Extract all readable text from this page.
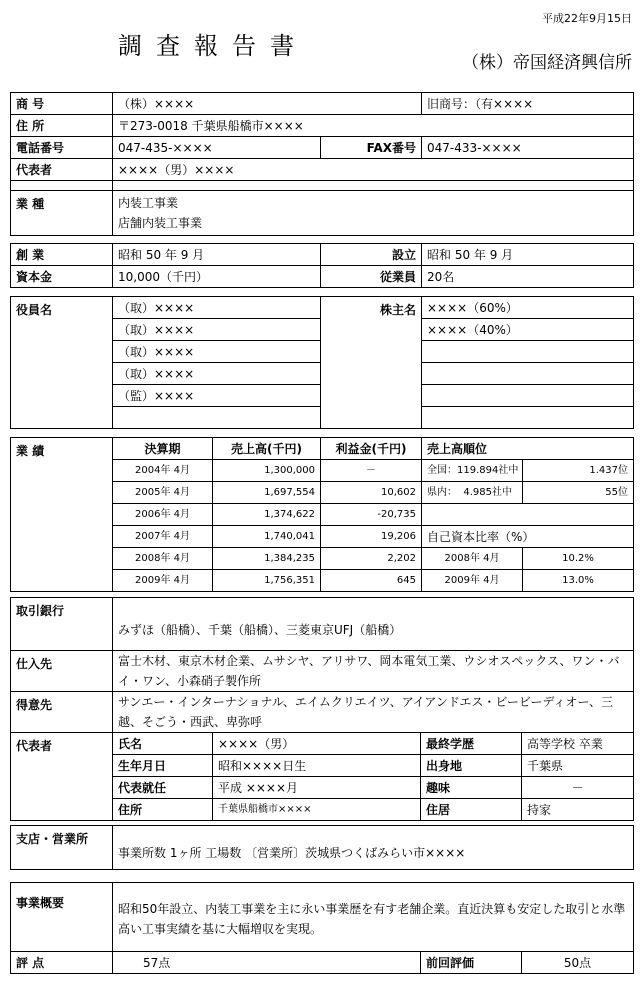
平成22年9月15日
調査報告書
（株）帝国経済興信所
商 号	（株）××××		旧商号：（有××××
住 所	〒273-0018 千葉県船橋市××××		
電話番号	047-435-××××	FAX番号	047-433-××××
代表者	××××（男）××××		

業 種	内装工事業
店舗内装工事業		
創 業	昭和 50 年 9 月	設立	昭和 50 年 9 月
資本金	10,000（千円）	従業員	20名
役員名	（取）××××	株主名	××××（60%）
	（取）××××		××××（40%）
	（取）××××		
	（取）××××		
	（監）××××		

業 績	決算期	売上高(千円)	利益金(千円)	売上高順位	
	2004年 4月	1,300,000	－	全国：119.894社中	1.437位
	2005年 4月	1,697,554	10,602	県内： 4.985社中	55位
	2006年 4月	1,374,622	-20,735		
	2007年 4月	1,740,041	19,206	自己資本比率（%）	
	2008年 4月	1,384,235	2,202	2008年 4月	10.2%
	2009年 4月	1,756,351	645	2009年 4月	13.0%
取引銀行	みずほ（船橋）、千葉（船橋）、三菱東京UFJ（船橋）			
仕入先	富士木材、東京木材企業、ムサシヤ、アリサワ、岡本電気工業、ウシオスペックス、ワン・バイ・ワン、小森硝子製作所			
得意先	サンエー・インターナショナル、エイムクリエイツ、アイアンドエス・ビービーディオー、三越、そごう・西武、卑弥呼			
代表者	氏名	××××（男）	最終学歴	高等学校 卒業
	生年月日	昭和××××日生	出身地	千葉県
	代表就任	平成 ××××月	趣味	－
	住所	千葉県船橋市××××	住居	持家
支店・営業所	事業所数 1ヶ所 工場数 〔営業所〕茨城県つくばみらい市××××
事業概要	昭和50年設立、内装工事業を主に永い事業歴を有す老舗企業。直近決算も安定した取引と水準高い工事実績を基に大幅増収を実現。		
評 点	57点	前回評価	50点
